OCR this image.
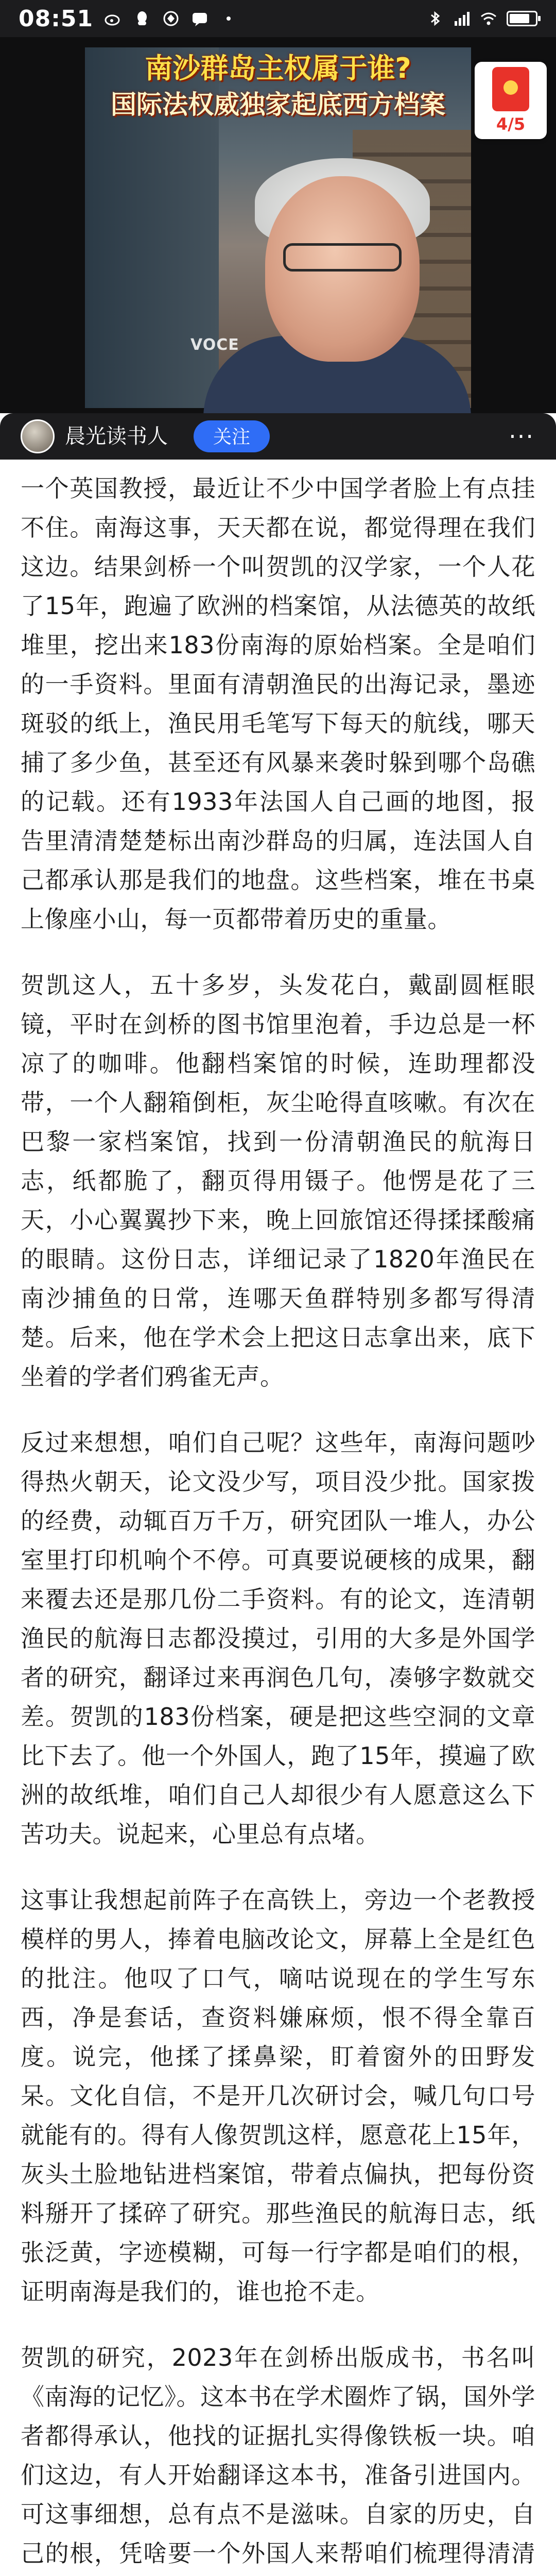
08:51
VOCE
南沙群岛主权属于谁?
国际法权威独家起底西方档案
4/5
晨光读书人	关注	···

一个英国教授，最近让不少中国学者脸上有点挂不住。南海这事，天天都在说，都觉得理在我们这边。结果剑桥一个叫贺凯的汉学家，一个人花了15年，跑遍了欧洲的档案馆，从法德英的故纸堆里，挖出来183份南海的原始档案。全是咱们的一手资料。里面有清朝渔民的出海记录，墨迹斑驳的纸上，渔民用毛笔写下每天的航线，哪天捕了多少鱼，甚至还有风暴来袭时躲到哪个岛礁的记载。还有1933年法国人自己画的地图，报告里清清楚楚标出南沙群岛的归属，连法国人自己都承认那是我们的地盘。这些档案，堆在书桌上像座小山，每一页都带着历史的重量。

贺凯这人，五十多岁，头发花白，戴副圆框眼镜，平时在剑桥的图书馆里泡着，手边总是一杯凉了的咖啡。他翻档案馆的时候，连助理都没带，一个人翻箱倒柜，灰尘呛得直咳嗽。有次在巴黎一家档案馆，找到一份清朝渔民的航海日志，纸都脆了，翻页得用镊子。他愣是花了三天，小心翼翼抄下来，晚上回旅馆还得揉揉酸痛的眼睛。这份日志，详细记录了1820年渔民在南沙捕鱼的日常，连哪天鱼群特别多都写得清楚。后来，他在学术会上把这日志拿出来，底下坐着的学者们鸦雀无声。

反过来想想，咱们自己呢？这些年，南海问题吵得热火朝天，论文没少写，项目没少批。国家拨的经费，动辄百万千万，研究团队一堆人，办公室里打印机响个不停。可真要说硬核的成果，翻来覆去还是那几份二手资料。有的论文，连清朝渔民的航海日志都没摸过，引用的大多是外国学者的研究，翻译过来再润色几句，凑够字数就交差。贺凯的183份档案，硬是把这些空洞的文章比下去了。他一个外国人，跑了15年，摸遍了欧洲的故纸堆，咱们自己人却很少有人愿意这么下苦功夫。说起来，心里总有点堵。

这事让我想起前阵子在高铁上，旁边一个老教授模样的男人，捧着电脑改论文，屏幕上全是红色的批注。他叹了口气，嘀咕说现在的学生写东西，净是套话，查资料嫌麻烦，恨不得全靠百度。说完，他揉了揉鼻梁，盯着窗外的田野发呆。文化自信，不是开几次研讨会，喊几句口号就能有的。得有人像贺凯这样，愿意花上15年，灰头土脸地钻进档案馆，带着点偏执，把每份资料掰开了揉碎了研究。那些渔民的航海日志，纸张泛黄，字迹模糊，可每一行字都是咱们的根，证明南海是我们的，谁也抢不走。

贺凯的研究，2023年在剑桥出版成书，书名叫《南海的记忆》。这本书在学术圈炸了锅，国外学者都得承认，他找的证据扎实得像铁板一块。咱们这边，有人开始翻译这本书，准备引进国内。可这事细想，总有点不是滋味。自家的历史，自己的根，凭啥要一个外国人来帮咱们梳理得清清
